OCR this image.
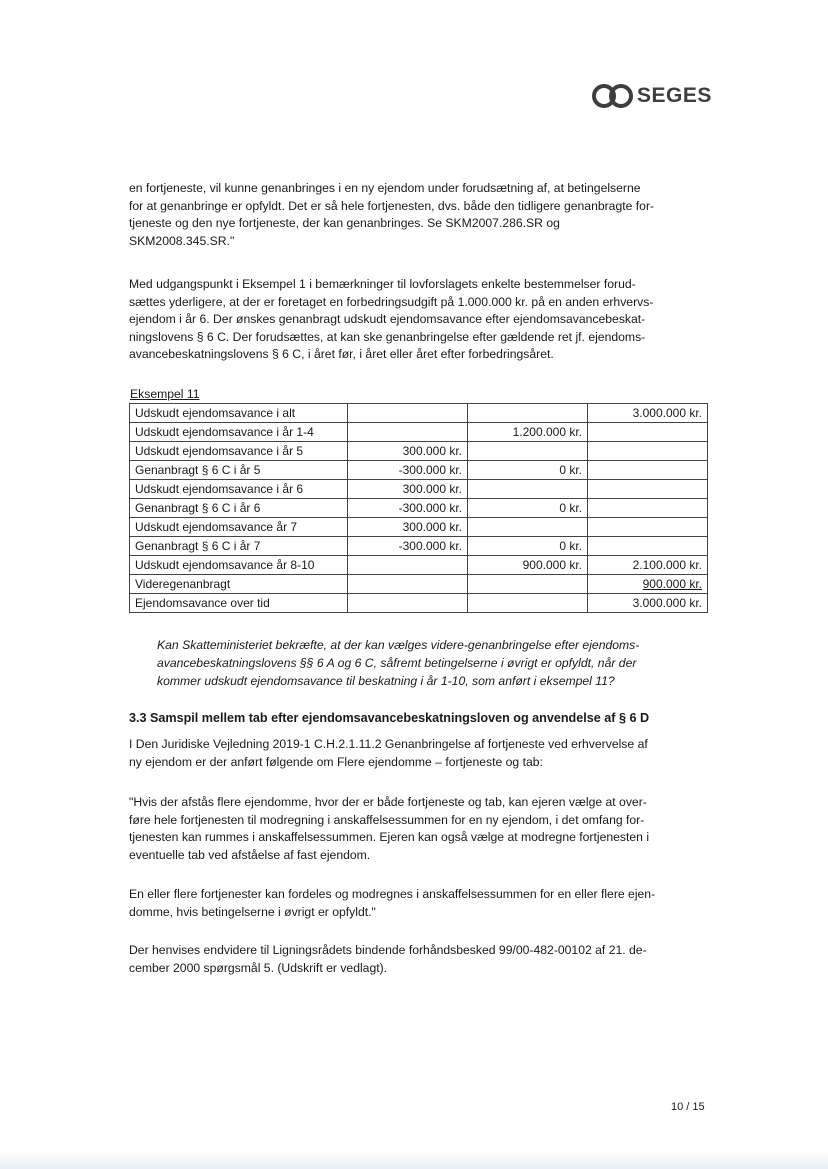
SEGES

en fortjeneste, vil kunne genanbringes i en ny ejendom under forudsætning af, at betingelserne
for at genanbringe er opfyldt. Det er så hele fortjenesten, dvs. både den tidligere genanbragte for-
tjeneste og den nye fortjeneste, der kan genanbringes. Se SKM2007.286.SR og
SKM2008.345.SR."

Med udgangspunkt i Eksempel 1 i bemærkninger til lovforslagets enkelte bestemmelser forud-
sættes yderligere, at der er foretaget en forbedringsudgift på 1.000.000 kr. på en anden erhvervs-
ejendom i år 6. Der ønskes genanbragt udskudt ejendomsavance efter ejendomsavancebeskat-
ningslovens § 6 C. Der forudsættes, at kan ske genanbringelse efter gældende ret jf. ejendoms-
avancebeskatningslovens § 6 C, i året før, i året eller året efter forbedringsåret.

Eksempel 11
Udskudt ejendomsavance i alt			3.000.000 kr.
Udskudt ejendomsavance i år 1-4		1.200.000 kr.	
Udskudt ejendomsavance i år 5	300.000 kr.		
Genanbragt § 6 C i år 5	-300.000 kr.	0 kr.	
Udskudt ejendomsavance i år 6	300.000 kr.		
Genanbragt § 6 C i år 6	-300.000 kr.	0 kr.	
Udskudt ejendomsavance år 7	300.000 kr.		
Genanbragt § 6 C i år 7	-300.000 kr.	0 kr.	
Udskudt ejendomsavance år 8-10		900.000 kr.	2.100.000 kr.
Videregenanbragt			900.000 kr.
Ejendomsavance over tid			3.000.000 kr.

Kan Skatteministeriet bekræfte, at der kan vælges videre-genanbringelse efter ejendoms-
avancebeskatningslovens §§ 6 A og 6 C, såfremt betingelserne i øvrigt er opfyldt, når der
kommer udskudt ejendomsavance til beskatning i år 1-10, som anført i eksempel 11?

3.3 Samspil mellem tab efter ejendomsavancebeskatningsloven og anvendelse af § 6 D

I Den Juridiske Vejledning 2019-1 C.H.2.1.11.2 Genanbringelse af fortjeneste ved erhvervelse af
ny ejendom er der anført følgende om Flere ejendomme – fortjeneste og tab:

"Hvis der afstås flere ejendomme, hvor der er både fortjeneste og tab, kan ejeren vælge at over-
føre hele fortjenesten til modregning i anskaffelsessummen for en ny ejendom, i det omfang for-
tjenesten kan rummes i anskaffelsessummen. Ejeren kan også vælge at modregne fortjenesten i
eventuelle tab ved afståelse af fast ejendom.

En eller flere fortjenester kan fordeles og modregnes i anskaffelsessummen for en eller flere ejen-
domme, hvis betingelserne i øvrigt er opfyldt."

Der henvises endvidere til Ligningsrådets bindende forhåndsbesked 99/00-482-00102 af 21. de-
cember 2000 spørgsmål 5. (Udskrift er vedlagt).

10 / 15
